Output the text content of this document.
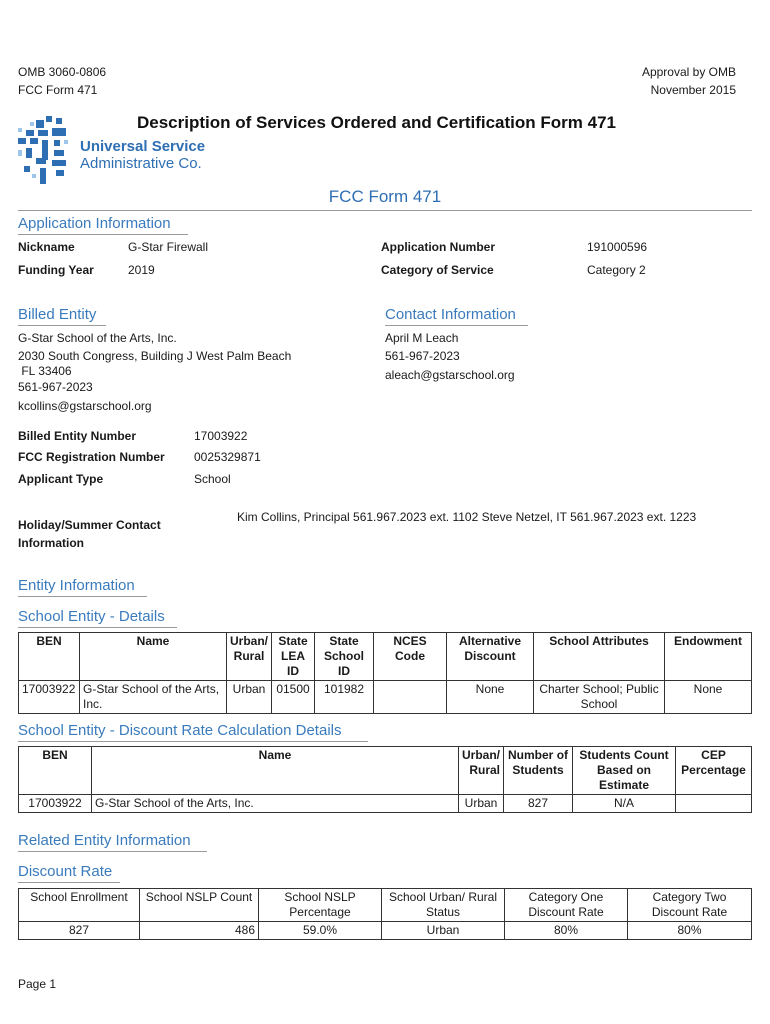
OMB 3060-0806
FCC Form 471
Approval by OMB
November 2015
Description of Services Ordered and Certification Form 471
Universal Service
Administrative Co.
FCC Form 471
Application Information
Nickname	G-Star Firewall
Funding Year	2019
Application Number	191000596
Category of Service	Category 2
Billed Entity
G-Star School of the Arts, Inc.
2030 South Congress, Building J West Palm Beach
FL 33406
561-967-2023
kcollins@gstarschool.org
Contact Information
April M Leach
561-967-2023
aleach@gstarschool.org
Billed Entity Number	17003922
FCC Registration Number 0025329871
Applicant Type	School
Holiday/Summer Contact
Information
Kim Collins, Principal 561.967.2023 ext. 1102 Steve Netzel, IT 561.967.2023 ext. 1223
Entity Information
School Entity - Details
BEN	Name	Urban/ Rural	State LEA ID	State School ID	NCES Code	Alternative Discount	School Attributes	Endowment
17003922	G-Star School of the Arts, Inc.	Urban	01500	101982		None	Charter School; Public School	None
School Entity - Discount Rate Calculation Details
BEN	Name	Urban/ Rural	Number of Students	Students Count Based on Estimate	CEP Percentage
17003922	G-Star School of the Arts, Inc.	Urban	827	N/A	
Related Entity Information
Discount Rate
School Enrollment	School NSLP Count	School NSLP Percentage	School Urban/ Rural Status	Category One Discount Rate	Category Two Discount Rate
827	486	59.0%	Urban	80%	80%
Page 1
